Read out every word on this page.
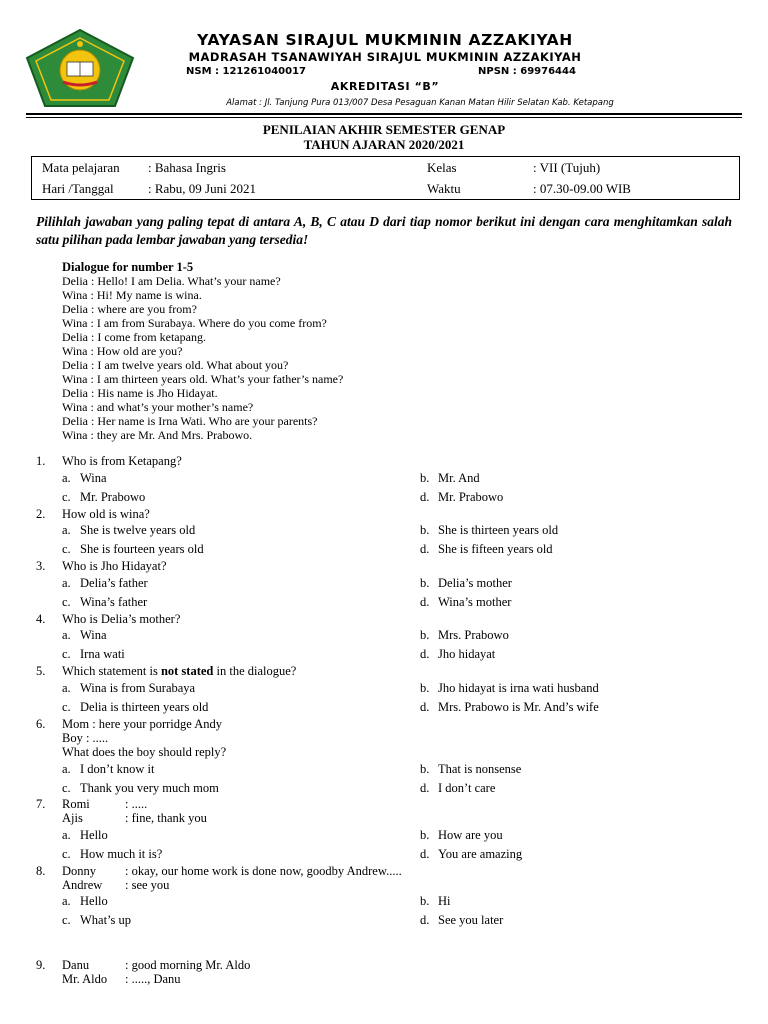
YAYASAN SIRAJUL MUKMININ AZZAKIYAH
MADRASAH TSANAWIYAH SIRAJUL MUKMININ AZZAKIYAH
NSM : 121261040017	NPSN : 69976444
AKREDITASI “B”
Alamat : Jl. Tanjung Pura 013/007 Desa Pesaguan Kanan Matan Hilir Selatan Kab. Ketapang
PENILAIAN AKHIR SEMESTER GENAP
TAHUN AJARAN 2020/2021
Mata pelajaran : Bahasa Ingris	Kelas	: VII (Tujuh)
Hari /Tanggal	: Rabu, 09 Juni 2021	Waktu	: 07.30-09.00 WIB
Pilihlah jawaban yang paling tepat di antara A, B, C atau D dari tiap nomor berikut ini dengan cara menghitamkan salah satu pilihan pada lembar jawaban yang tersedia!
Dialogue for number 1-5
Delia : Hello! I am Delia. What’s your name?
Wina : Hi! My name is wina.
Delia : where are you from?
Wina : I am from Surabaya. Where do you come from?
Delia : I come from ketapang.
Wina : How old are you?
Delia : I am twelve years old. What about you?
Wina : I am thirteen years old. What’s your father’s name?
Delia : His name is Jho Hidayat.
Wina : and what’s your mother’s name?
Delia : Her name is Irna Wati. Who are your parents?
Wina : they are Mr. And Mrs. Prabowo.
1. Who is from Ketapang?
a. Wina	b. Mr. And
c. Mr. Prabowo	d. Mr. Prabowo
2. How old is wina?
a. She is twelve years old	b. She is thirteen years old
c. She is fourteen years old	d. She is fifteen years old
3. Who is Jho Hidayat?
a. Delia’s father	b. Delia’s mother
c. Wina’s father	d. Wina’s mother
4. Who is Delia’s mother?
a. Wina	b. Mrs. Prabowo
c. Irna wati	d. Jho hidayat
5. Which statement is not stated in the dialogue?
a. Wina is from Surabaya	b. Jho hidayat is irna wati husband
c. Delia is thirteen years old	d. Mrs. Prabowo is Mr. And’s wife
6. Mom : here your porridge Andy
Boy : .....
What does the boy should reply?
a. I don’t know it	b. That is nonsense
c. Thank you very much mom	d. I don’t care
7. Romi	: .....
Ajis	: fine, thank you
a. Hello	b. How are you
c. How much it is?	d. You are amazing
8. Donny : okay, our home work is done now, goodby Andrew.....
Andrew : see you
a. Hello	b. Hi
c. What’s up	d. See you later
9. Danu	: good morning Mr. Aldo
Mr. Aldo : ....., Danu
